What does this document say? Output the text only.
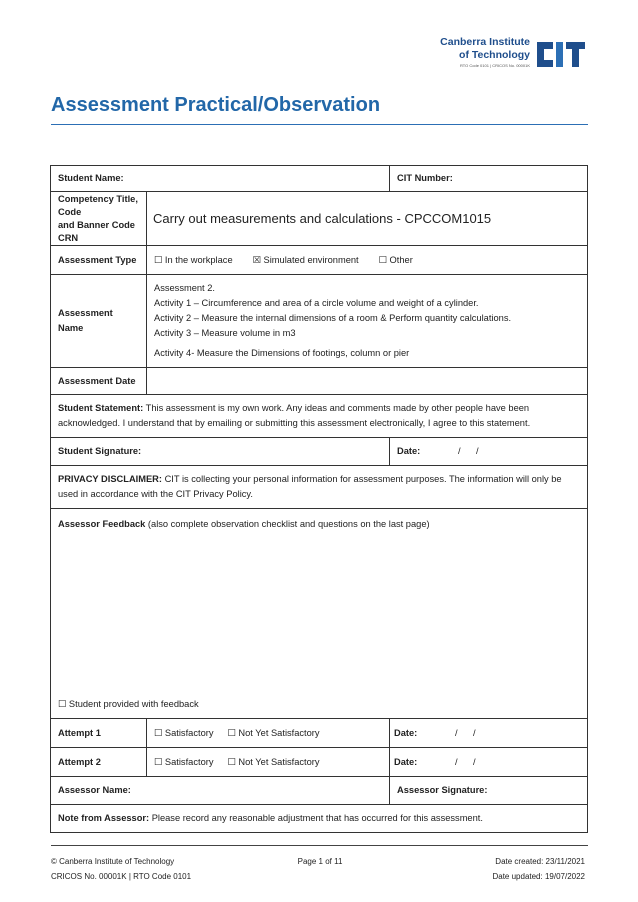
Canberra Institute
of Technology
RTO Code 0101 | CRICOS No. 00001K
Assessment Practical/Observation
Student Name:		CIT Number:

Competency Title, Code
and Banner Code
CRN	Carry out measurements and calculations - CPCCOM1015	
Assessment Type	☐ In the workplace ☒ Simulated environment ☐ Other	
Assessment Name	Assessment 2.
Activity 1 – Circumference and area of a circle volume and weight of a cylinder.
Activity 2 – Measure the internal dimensions of a room & Perform quantity calculations.
Activity 3 – Measure volume in m3
Activity 4- Measure the Dimensions of footings, column or pier	

Assessment Date		
Student Statement: This assessment is my own work. Any ideas and comments made by other people have been acknowledged. I understand that by emailing or submitting this assessment electronically, I agree to this statement.		
Student Signature:		Date: / /
PRIVACY DISCLAIMER: CIT is collecting your personal information for assessment purposes. The information will only be used in accordance with the CIT Privacy Policy.		

Assessor Feedback (also complete observation checklist and questions on the last page)
☐ Student provided with feedback		

Attempt 1	☐ Satisfactory ☐ Not Yet Satisfactory	Date: / /
Attempt 2	☐ Satisfactory ☐ Not Yet Satisfactory	Date: / /
Assessor Name:		Assessor Signature:
Note from Assessor: Please record any reasonable adjustment that has occurred for this assessment.		
© Canberra Institute of Technology
CRICOS No. 00001K | RTO Code 0101
Page 1 of 11	Date created: 23/11/2021
Date updated: 19/07/2022
